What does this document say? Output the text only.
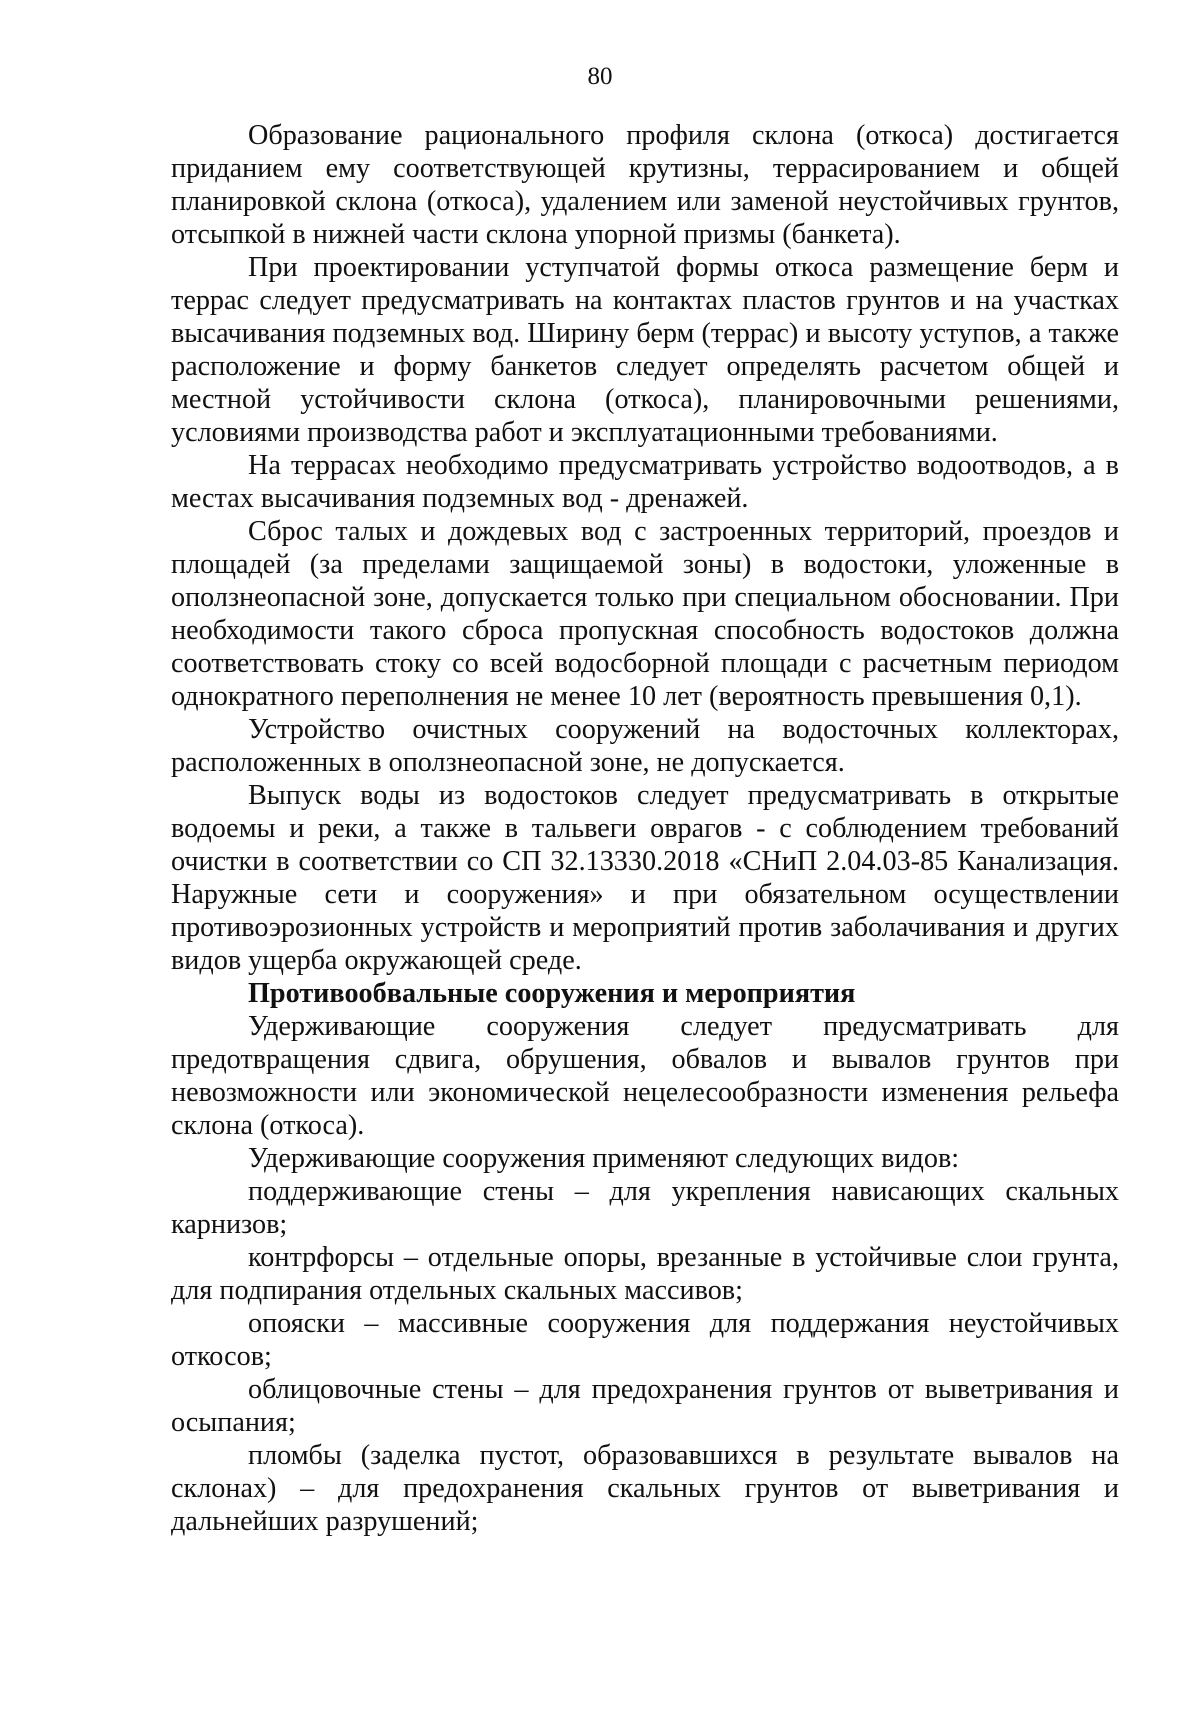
80

Образование рационального профиля склона (откоса) достигается приданием ему соответствующей крутизны, террасированием и общей планировкой склона (откоса), удалением или заменой неустойчивых грунтов, отсыпкой в нижней части склона упорной призмы (банкета).

При проектировании уступчатой формы откоса размещение берм и террас следует предусматривать на контактах пластов грунтов и на участках высачивания подземных вод. Ширину берм (террас) и высоту уступов, а также расположение и форму банкетов следует определять расчетом общей и местной устойчивости склона (откоса), планировочными решениями, условиями производства работ и эксплуатационными требованиями.

На террасах необходимо предусматривать устройство водоотводов, а в местах высачивания подземных вод - дренажей.

Сброс талых и дождевых вод с застроенных территорий, проездов и площадей (за пределами защищаемой зоны) в водостоки, уложенные в оползнеопасной зоне, допускается только при специальном обосновании. При необходимости такого сброса пропускная способность водостоков должна соответствовать стоку со всей водосборной площади с расчетным периодом однократного переполнения не менее 10 лет (вероятность превышения 0,1).

Устройство очистных сооружений на водосточных коллекторах, расположенных в оползнеопасной зоне, не допускается.

Выпуск воды из водостоков следует предусматривать в открытые водоемы и реки, а также в тальвеги оврагов - с соблюдением требований очистки в соответствии со СП 32.13330.2018 «СНиП 2.04.03-85 Канализация. Наружные сети и сооружения» и при обязательном осуществлении противоэрозионных устройств и мероприятий против заболачивания и других видов ущерба окружающей среде.

Противообвальные сооружения и мероприятия

Удерживающие сооружения следует предусматривать для предотвращения сдвига, обрушения, обвалов и вывалов грунтов при невозможности или экономической нецелесообразности изменения рельефа склона (откоса).

Удерживающие сооружения применяют следующих видов:

поддерживающие стены – для укрепления нависающих скальных карнизов;

контрфорсы – отдельные опоры, врезанные в устойчивые слои грунта, для подпирания отдельных скальных массивов;

опояски – массивные сооружения для поддержания неустойчивых откосов;

облицовочные стены – для предохранения грунтов от выветривания и осыпания;

пломбы (заделка пустот, образовавшихся в результате вывалов на склонах) – для предохранения скальных грунтов от выветривания и дальнейших разрушений;
